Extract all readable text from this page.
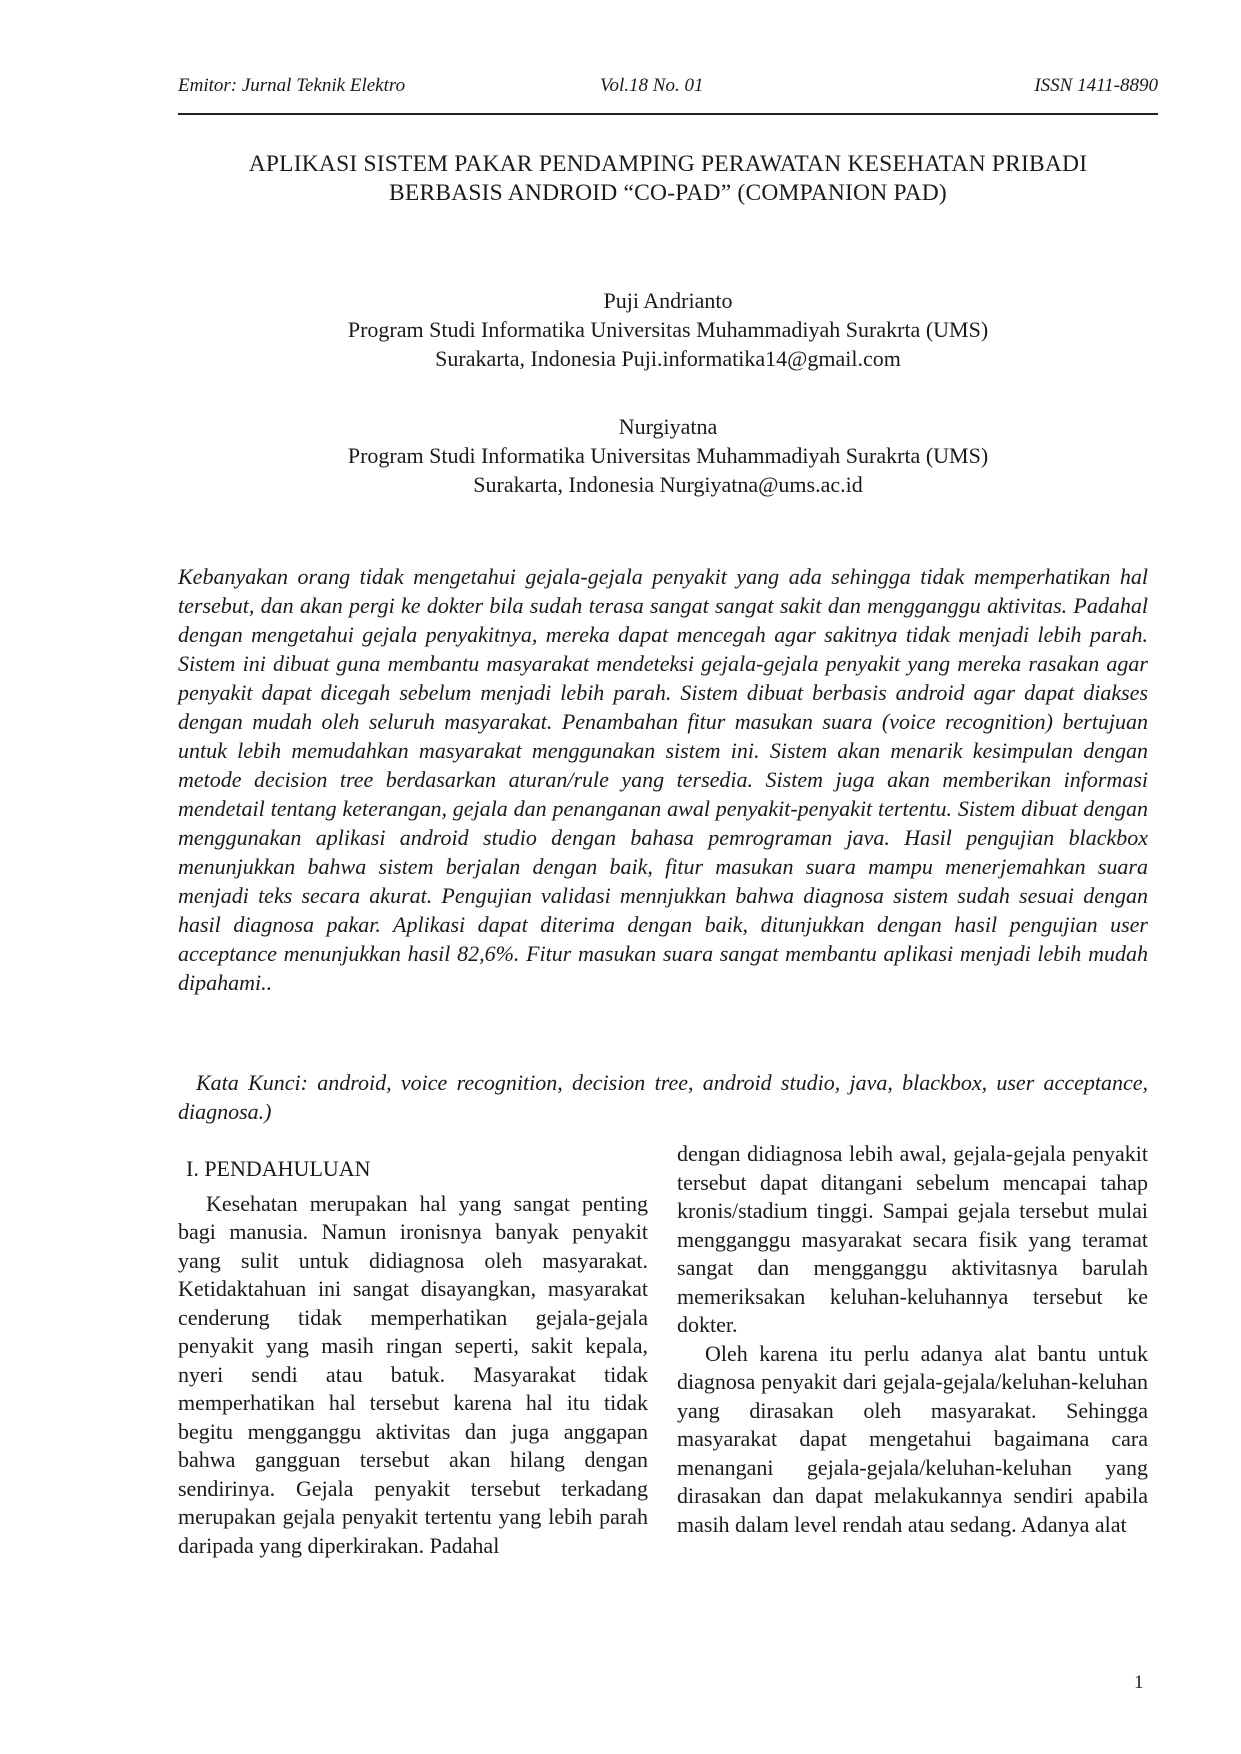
Emitor: Jurnal Teknik Elektro	Vol.18 No. 01	ISSN 1411-8890
APLIKASI SISTEM PAKAR PENDAMPING PERAWATAN KESEHATAN PRIBADI
BERBASIS ANDROID “CO-PAD” (COMPANION PAD)
Puji Andrianto
Program Studi Informatika Universitas Muhammadiyah Surakrta (UMS)
Surakarta, Indonesia Puji.informatika14@gmail.com
Nurgiyatna
Program Studi Informatika Universitas Muhammadiyah Surakrta (UMS)
Surakarta, Indonesia Nurgiyatna@ums.ac.id

Kebanyakan orang tidak mengetahui gejala-gejala penyakit yang ada sehingga tidak memperhatikan hal tersebut, dan akan pergi ke dokter bila sudah terasa sangat sangat sakit dan mengganggu aktivitas. Padahal dengan mengetahui gejala penyakitnya, mereka dapat mencegah agar sakitnya tidak menjadi lebih parah. Sistem ini dibuat guna membantu masyarakat mendeteksi gejala-gejala penyakit yang mereka rasakan agar penyakit dapat dicegah sebelum menjadi lebih parah. Sistem dibuat berbasis android agar dapat diakses dengan mudah oleh seluruh masyarakat. Penambahan fitur masukan suara (voice recognition) bertujuan untuk lebih memudahkan masyarakat menggunakan sistem ini. Sistem akan menarik kesimpulan dengan metode decision tree berdasarkan aturan/rule yang tersedia. Sistem juga akan memberikan informasi mendetail tentang keterangan, gejala dan penanganan awal penyakit-penyakit tertentu. Sistem dibuat dengan menggunakan aplikasi android studio dengan bahasa pemrograman java. Hasil pengujian blackbox menunjukkan bahwa sistem berjalan dengan baik, fitur masukan suara mampu menerjemahkan suara menjadi teks secara akurat. Pengujian validasi mennjukkan bahwa diagnosa sistem sudah sesuai dengan hasil diagnosa pakar. Aplikasi dapat diterima dengan baik, ditunjukkan dengan hasil pengujian user acceptance menunjukkan hasil 82,6%. Fitur masukan suara sangat membantu aplikasi menjadi lebih mudah dipahami..

Kata Kunci: android, voice recognition, decision tree, android studio, java, blackbox, user acceptance, diagnosa.)
I. PENDAHULUAN

Kesehatan merupakan hal yang sangat penting bagi manusia. Namun ironisnya banyak penyakit yang sulit untuk didiagnosa oleh masyarakat. Ketidaktahuan ini sangat disayangkan, masyarakat cenderung tidak memperhatikan gejala-gejala penyakit yang masih ringan seperti, sakit kepala, nyeri sendi atau batuk. Masyarakat tidak memperhatikan hal tersebut karena hal itu tidak begitu mengganggu aktivitas dan juga anggapan bahwa gangguan tersebut akan hilang dengan sendirinya. Gejala penyakit tersebut terkadang merupakan gejala penyakit tertentu yang lebih parah daripada yang diperkirakan. Padahal

dengan didiagnosa lebih awal, gejala-gejala penyakit tersebut dapat ditangani sebelum mencapai tahap kronis/stadium tinggi. Sampai gejala tersebut mulai mengganggu masyarakat secara fisik yang teramat sangat dan mengganggu aktivitasnya barulah memeriksakan keluhan-keluhannya tersebut ke dokter.

Oleh karena itu perlu adanya alat bantu untuk diagnosa penyakit dari gejala-gejala/keluhan-keluhan yang dirasakan oleh masyarakat. Sehingga masyarakat dapat mengetahui bagaimana cara menangani gejala-gejala/keluhan-keluhan yang dirasakan dan dapat melakukannya sendiri apabila masih dalam level rendah atau sedang. Adanya alat

1
